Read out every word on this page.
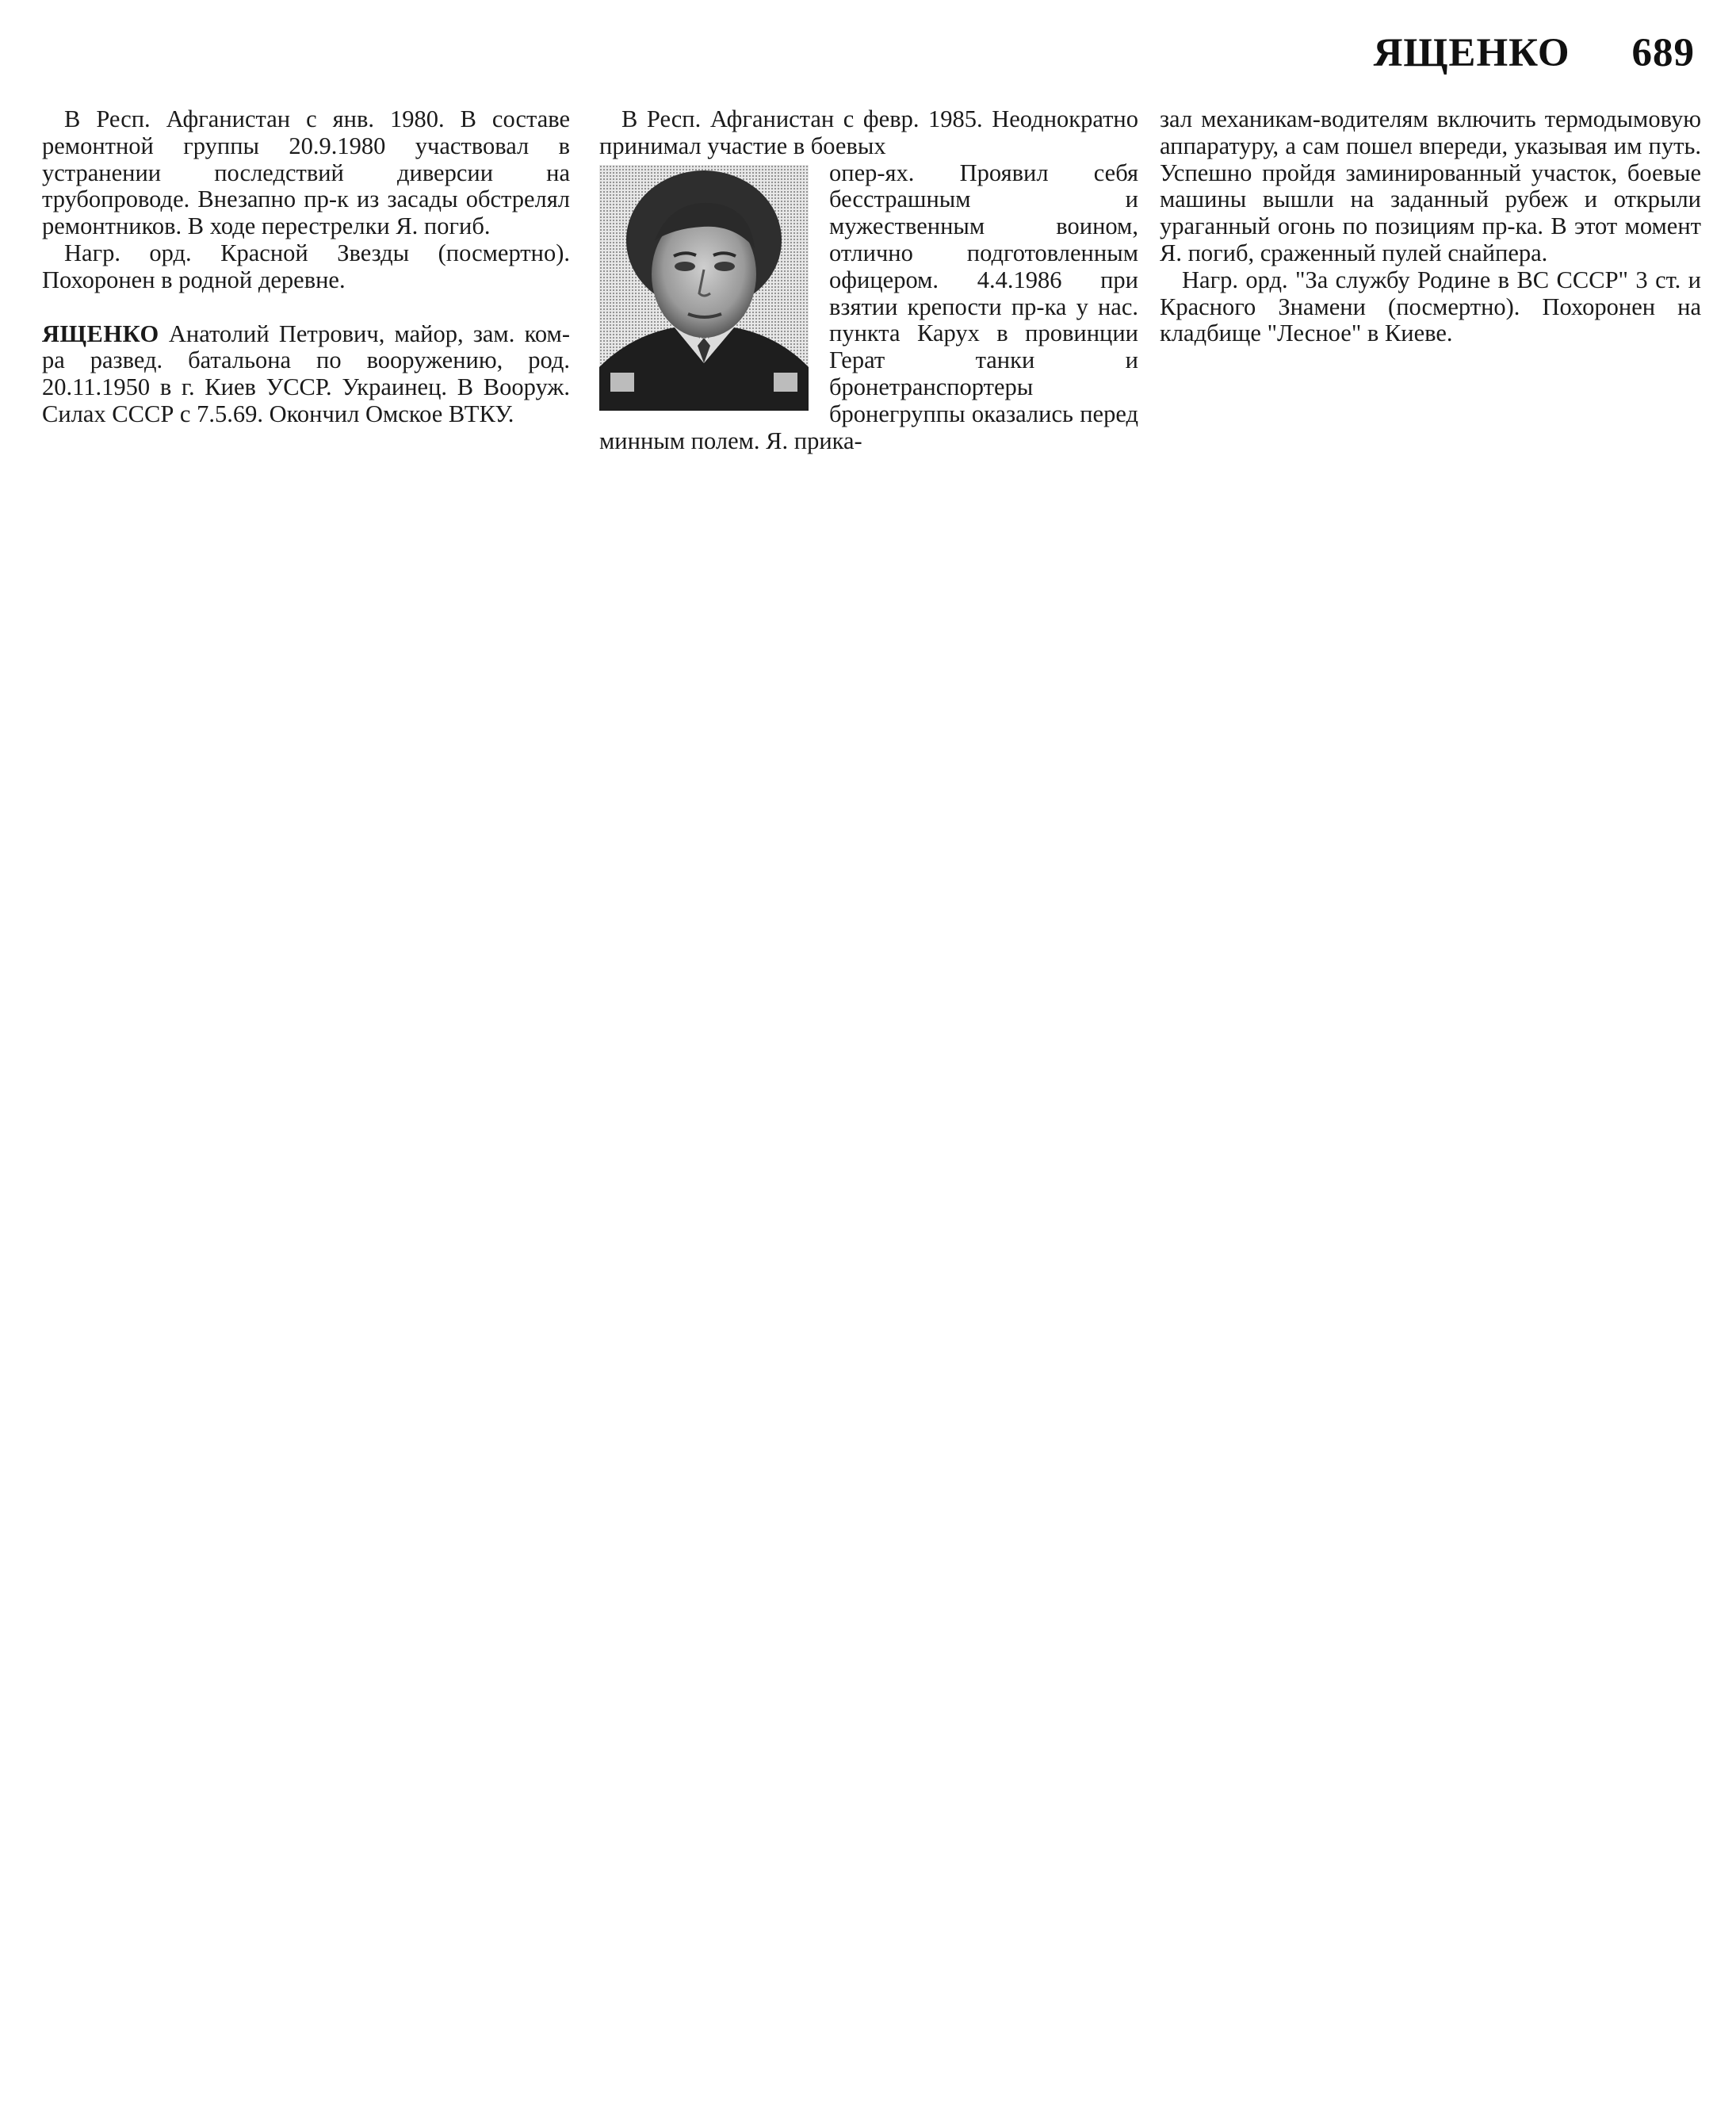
ЯЩЕНКО 689

В Респ. Афганистан с янв. 1980. В составе ремонтной группы 20.9.1980 участвовал в устранении последствий диверсии на трубопроводе. Внезапно пр-к из засады обстрелял ремонтников. В ходе перестрелки Я. погиб.

Нагр. орд. Красной Звезды (посмертно). Похоронен в родной деревне.

ЯЩЕНКО Анатолий Петрович, майор, зам. ком-ра развед. батальона по вооружению, род. 20.11.1950 в г. Киев УССР. Украинец. В Вооруж. Силах СССР с 7.5.69. Окончил Омское ВТКУ.

В Респ. Афганистан с февр. 1985. Неоднократно принимал участие в боевых

опер-ях. Проявил себя бесстрашным и мужественным воином, отлично подготовленным офицером. 4.4.1986 при взятии крепости пр-ка у нас. пункта Карух в провинции Герат танки и бронетранспортеры бронегруппы оказались перед минным полем. Я. прика-

зал механикам-водителям включить термодымовую аппаратуру, а сам пошел впереди, указывая им путь. Успешно пройдя заминированный участок, боевые машины вышли на заданный рубеж и открыли ураганный огонь по позициям пр-ка. В этот момент Я. погиб, сраженный пулей снайпера.

Нагр. орд. "За службу Родине в ВС СССР" 3 ст. и Красного Знамени (посмертно). Похоронен на кладбище "Лесное" в Киеве.
